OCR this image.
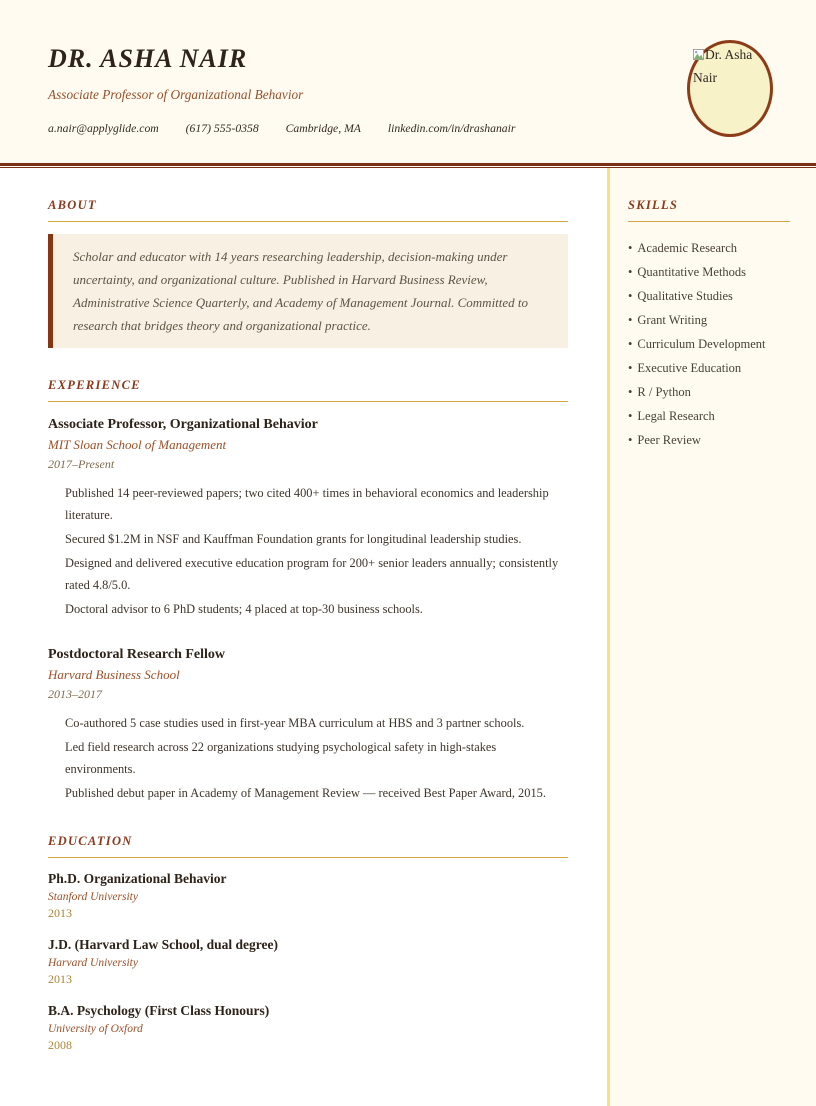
DR. ASHA NAIR
Associate Professor of Organizational Behavior
a.nair@applyglide.com (617) 555-0358 Cambridge, MA linkedin.com/in/drashanair
Dr. Asha Nair
ABOUT
Scholar and educator with 14 years researching leadership, decision-making under uncertainty, and organizational culture. Published in Harvard Business Review, Administrative Science Quarterly, and Academy of Management Journal. Committed to research that bridges theory and organizational practice.
EXPERIENCE
Associate Professor, Organizational Behavior
MIT Sloan School of Management
2017–Present
Published 14 peer-reviewed papers; two cited 400+ times in behavioral economics and leadership literature.
Secured $1.2M in NSF and Kauffman Foundation grants for longitudinal leadership studies.
Designed and delivered executive education program for 200+ senior leaders annually; consistently rated 4.8/5.0.
Doctoral advisor to 6 PhD students; 4 placed at top-30 business schools.
Postdoctoral Research Fellow
Harvard Business School
2013–2017
Co-authored 5 case studies used in first-year MBA curriculum at HBS and 3 partner schools.
Led field research across 22 organizations studying psychological safety in high-stakes environments.
Published debut paper in Academy of Management Review — received Best Paper Award, 2015.
EDUCATION
Ph.D. Organizational Behavior
Stanford University
2013
J.D. (Harvard Law School, dual degree)
Harvard University
2013
B.A. Psychology (First Class Honours)
University of Oxford
2008
SKILLS
• Academic Research
• Quantitative Methods
• Qualitative Studies
• Grant Writing
• Curriculum Development
• Executive Education
• R / Python
• Legal Research
• Peer Review
